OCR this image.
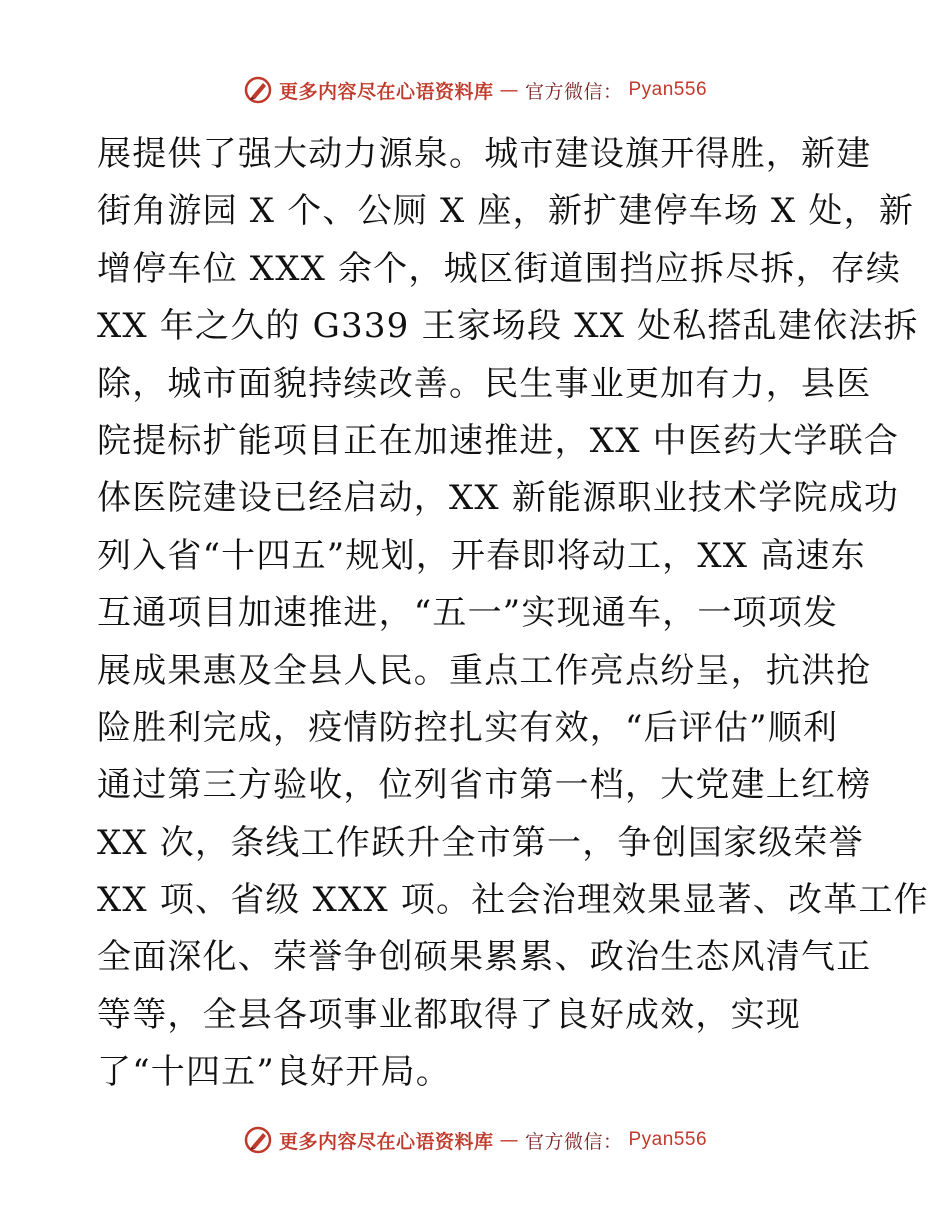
更多内容尽在心语资料库 — 官方微信： Pyan556
展提供了强大动力源泉。城市建设旗开得胜，新建
街角游园 X 个、公厕 X 座，新扩建停车场 X 处，新
增停车位 XXX 余个，城区街道围挡应拆尽拆，存续
XX 年之久的 G339 王家场段 XX 处私搭乱建依法拆
除，城市面貌持续改善。民生事业更加有力，县医
院提标扩能项目正在加速推进，XX 中医药大学联合
体医院建设已经启动，XX 新能源职业技术学院成功
列入省“十四五”规划，开春即将动工，XX 高速东
互通项目加速推进，“五一”实现通车，一项项发
展成果惠及全县人民。重点工作亮点纷呈，抗洪抢
险胜利完成，疫情防控扎实有效，“后评估”顺利
通过第三方验收，位列省市第一档，大党建上红榜
XX 次，条线工作跃升全市第一，争创国家级荣誉
XX 项、省级 XXX 项。社会治理效果显著、改革工作
全面深化、荣誉争创硕果累累、政治生态风清气正
等等，全县各项事业都取得了良好成效，实现
了“十四五”良好开局。
更多内容尽在心语资料库 — 官方微信： Pyan556
